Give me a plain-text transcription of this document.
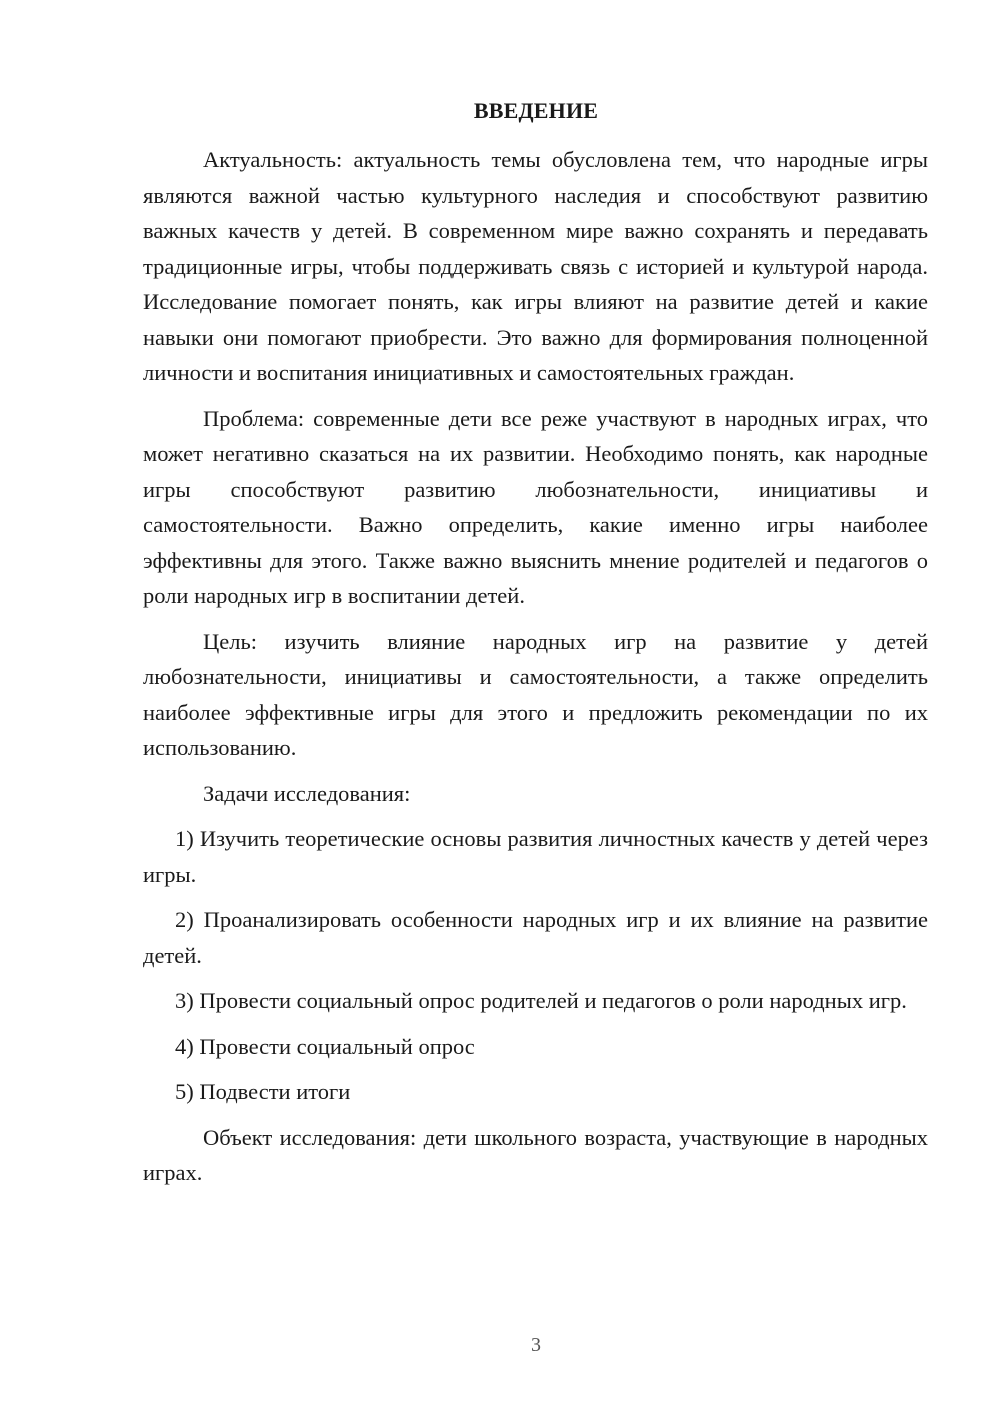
ВВЕДЕНИЕ

Актуальность: актуальность темы обусловлена тем, что народные игры являются важной частью культурного наследия и способствуют развитию важных качеств у детей. В современном мире важно сохранять и передавать традиционные игры, чтобы поддерживать связь с историей и культурой народа. Исследование помогает понять, как игры влияют на развитие детей и какие навыки они помогают приобрести. Это важно для формирования полноценной личности и воспитания инициативных и самостоятельных граждан.

Проблема: современные дети все реже участвуют в народных играх, что может негативно сказаться на их развитии. Необходимо понять, как народные игры способствуют развитию любознательности, инициативы и самостоятельности. Важно определить, какие именно игры наиболее эффективны для этого. Также важно выяснить мнение родителей и педагогов о роли народных игр в воспитании детей.

Цель: изучить влияние народных игр на развитие у детей любознательности, инициативы и самостоятельности, а также определить наиболее эффективные игры для этого и предложить рекомендации по их использованию.

Задачи исследования:

1) Изучить теоретические основы развития личностных качеств у детей через игры.

2) Проанализировать особенности народных игр и их влияние на развитие детей.

3) Провести социальный опрос родителей и педагогов о роли народных игр.

4) Провести социальный опрос

5) Подвести итоги

Объект исследования: дети школьного возраста, участвующие в народных играх.

3
